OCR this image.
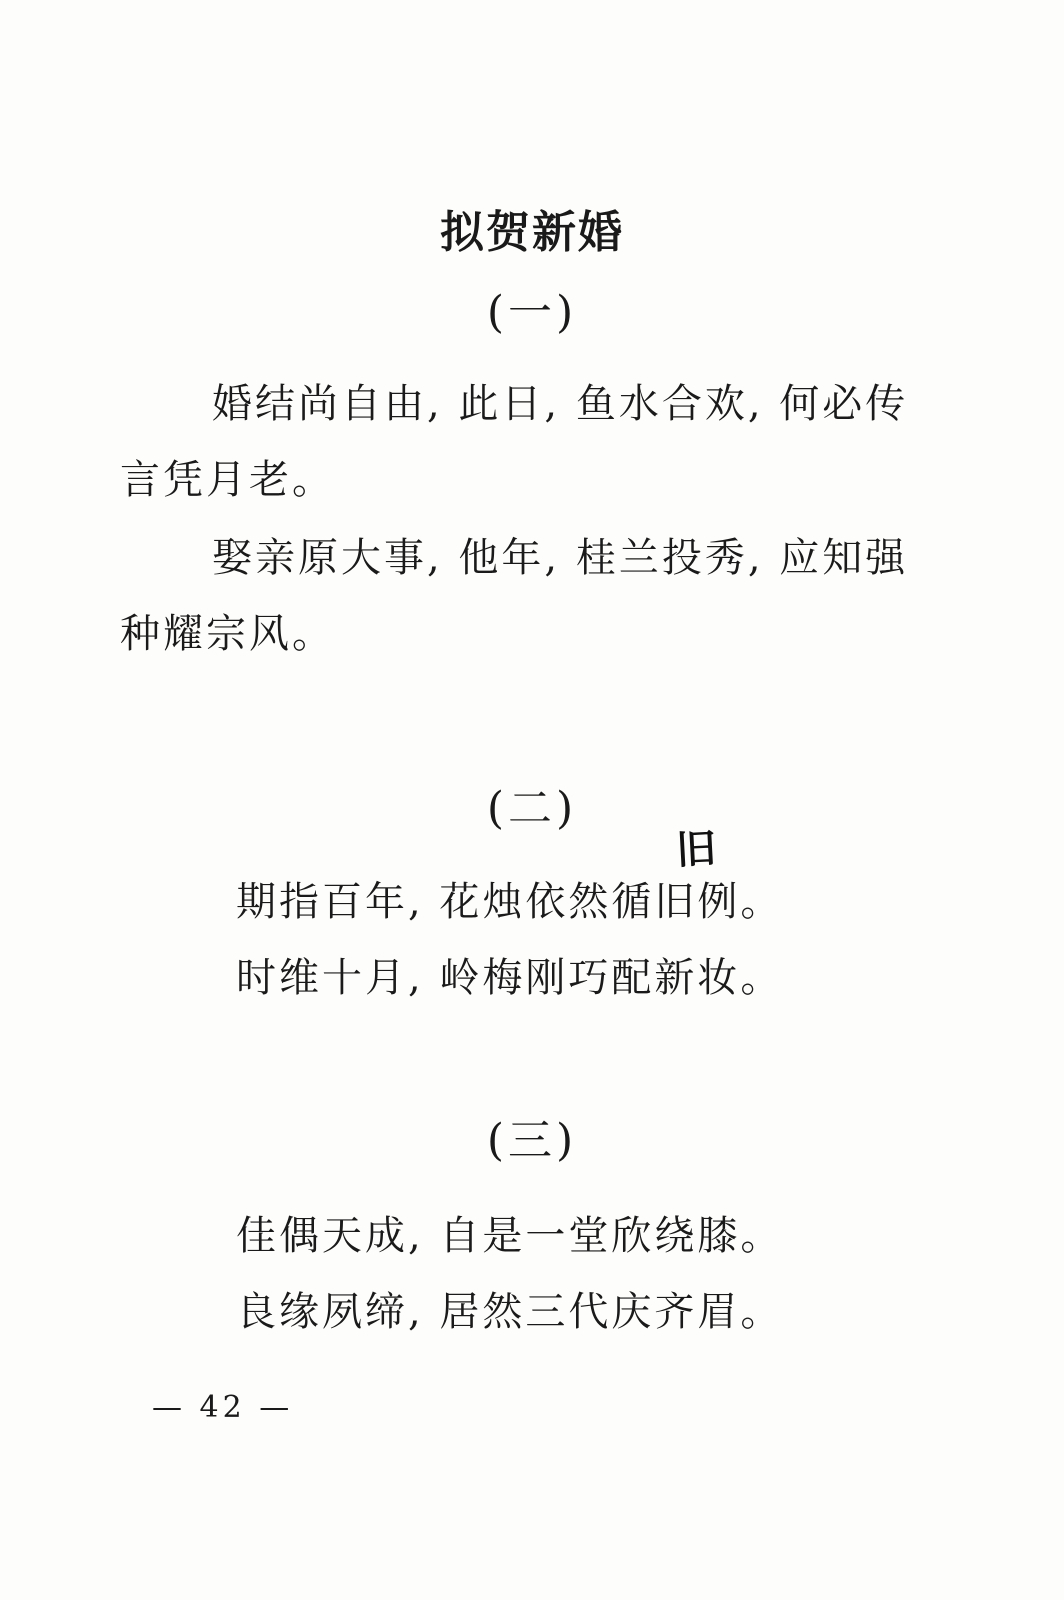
拟贺新婚
(一)

婚结尚自由, 此日, 鱼水合欢, 何必传言凭月老。

娶亲原大事, 他年, 桂兰投秀, 应知强种耀宗风。

(二)
旧

期指百年, 花烛依然循旧例。

时维十月, 岭梅刚巧配新妆。

(三)

佳偶天成, 自是一堂欣绕膝。

良缘夙缔, 居然三代庆齐眉。

— 42 —
